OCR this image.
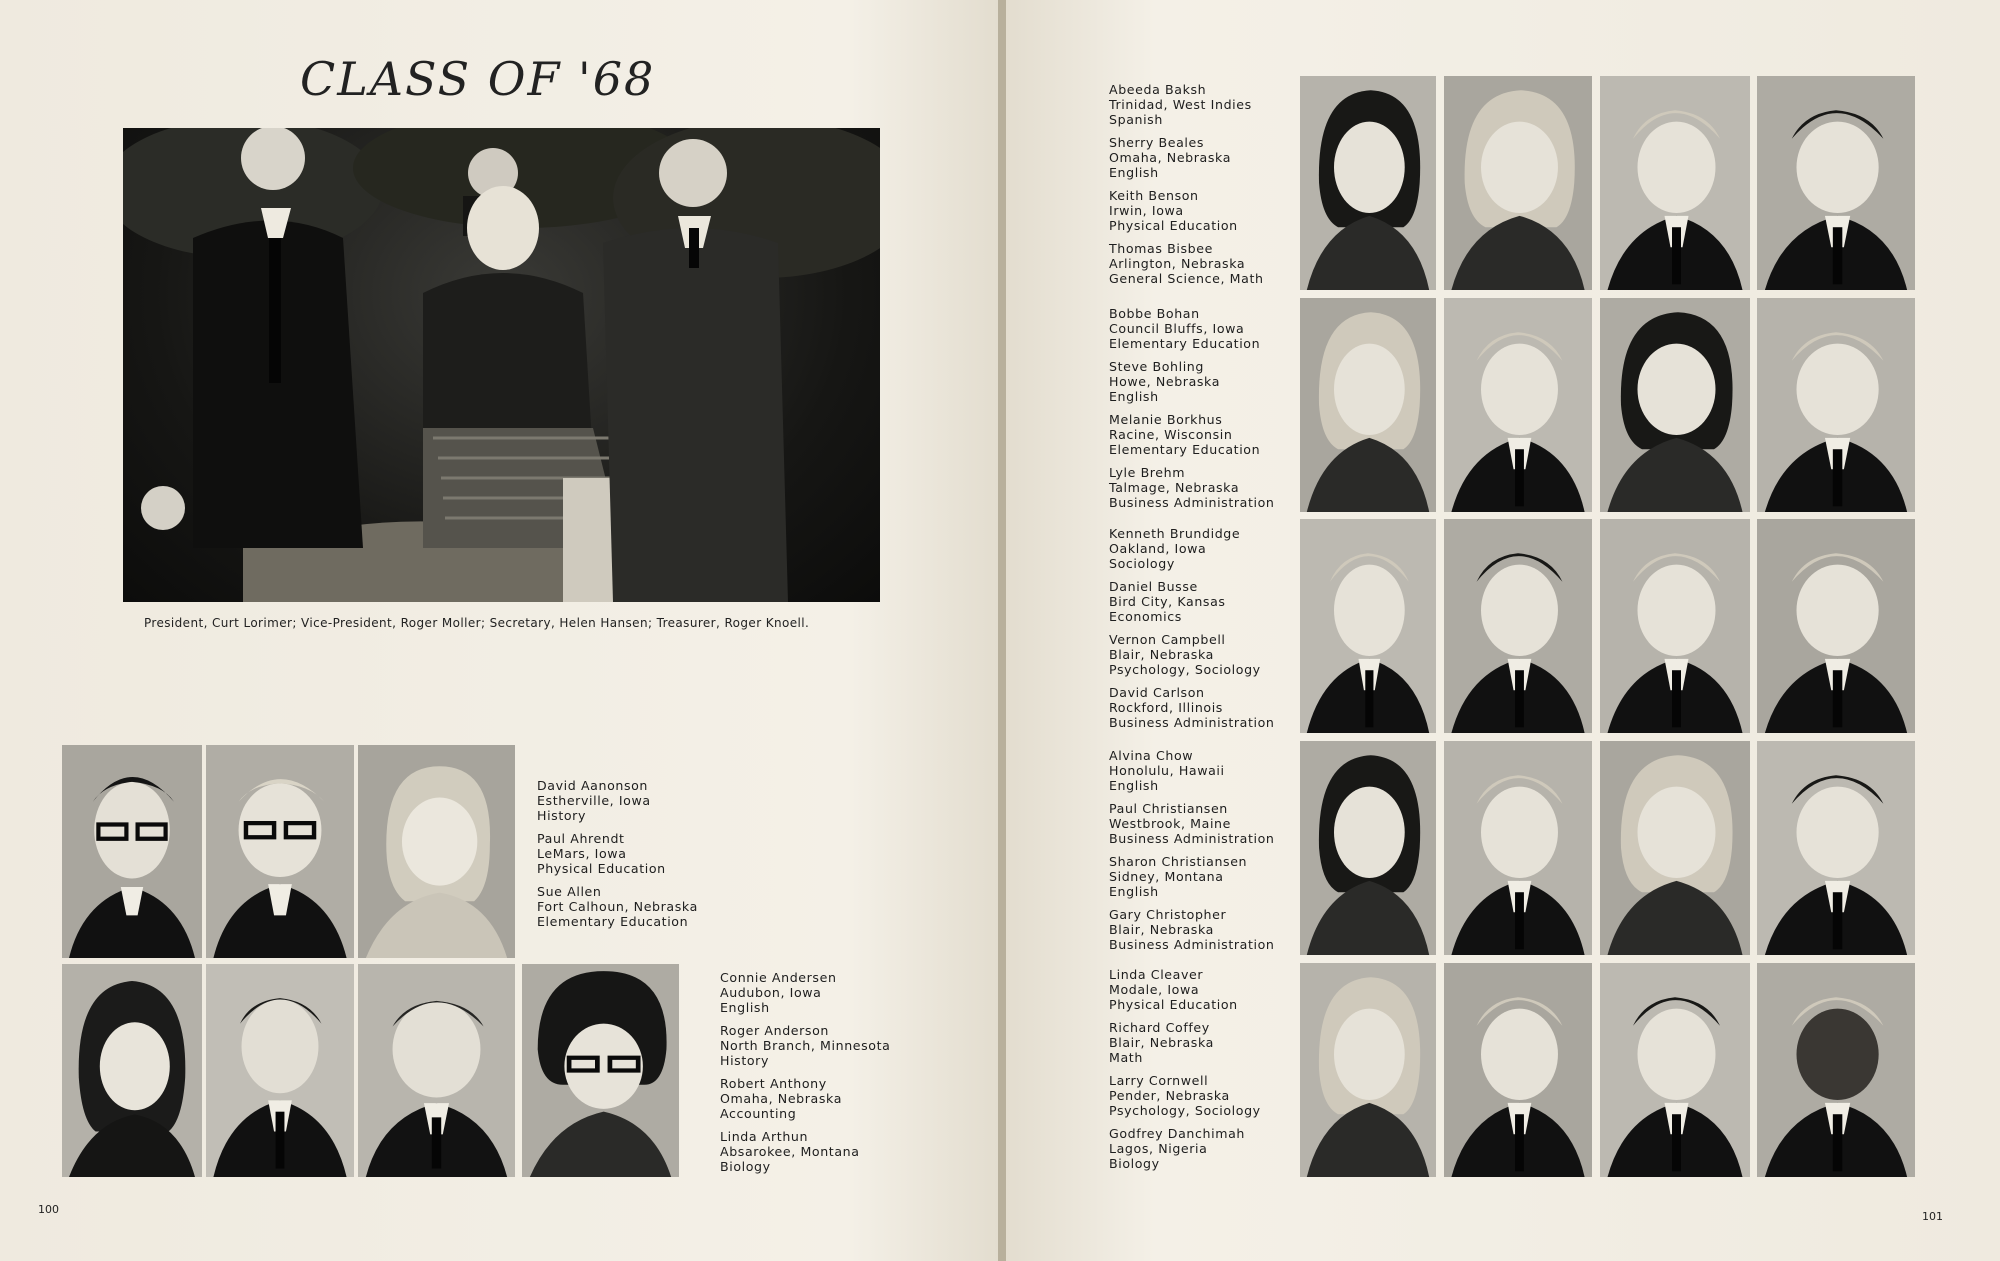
CLASS OF '68
President, Curt Lorimer; Vice-President, Roger Moller; Secretary, Helen Hansen; Treasurer, Roger Knoell.
David Aanonson
Estherville, Iowa
History
Paul Ahrendt
LeMars, Iowa
Physical Education
Sue Allen
Fort Calhoun, Nebraska
Elementary Education
Connie Andersen
Audubon, Iowa
English
Roger Anderson
North Branch, Minnesota
History
Robert Anthony
Omaha, Nebraska
Accounting
Linda Arthun
Absarokee, Montana
Biology
100
Abeeda Baksh
Trinidad, West Indies
Spanish
Sherry Beales
Omaha, Nebraska
English
Keith Benson
Irwin, Iowa
Physical Education
Thomas Bisbee
Arlington, Nebraska
General Science, Math
Bobbe Bohan
Council Bluffs, Iowa
Elementary Education
Steve Bohling
Howe, Nebraska
English
Melanie Borkhus
Racine, Wisconsin
Elementary Education
Lyle Brehm
Talmage, Nebraska
Business Administration
Kenneth Brundidge
Oakland, Iowa
Sociology
Daniel Busse
Bird City, Kansas
Economics
Vernon Campbell
Blair, Nebraska
Psychology, Sociology
David Carlson
Rockford, Illinois
Business Administration
Alvina Chow
Honolulu, Hawaii
English
Paul Christiansen
Westbrook, Maine
Business Administration
Sharon Christiansen
Sidney, Montana
English
Gary Christopher
Blair, Nebraska
Business Administration
Linda Cleaver
Modale, Iowa
Physical Education
Richard Coffey
Blair, Nebraska
Math
Larry Cornwell
Pender, Nebraska
Psychology, Sociology
Godfrey Danchimah
Lagos, Nigeria
Biology
101
